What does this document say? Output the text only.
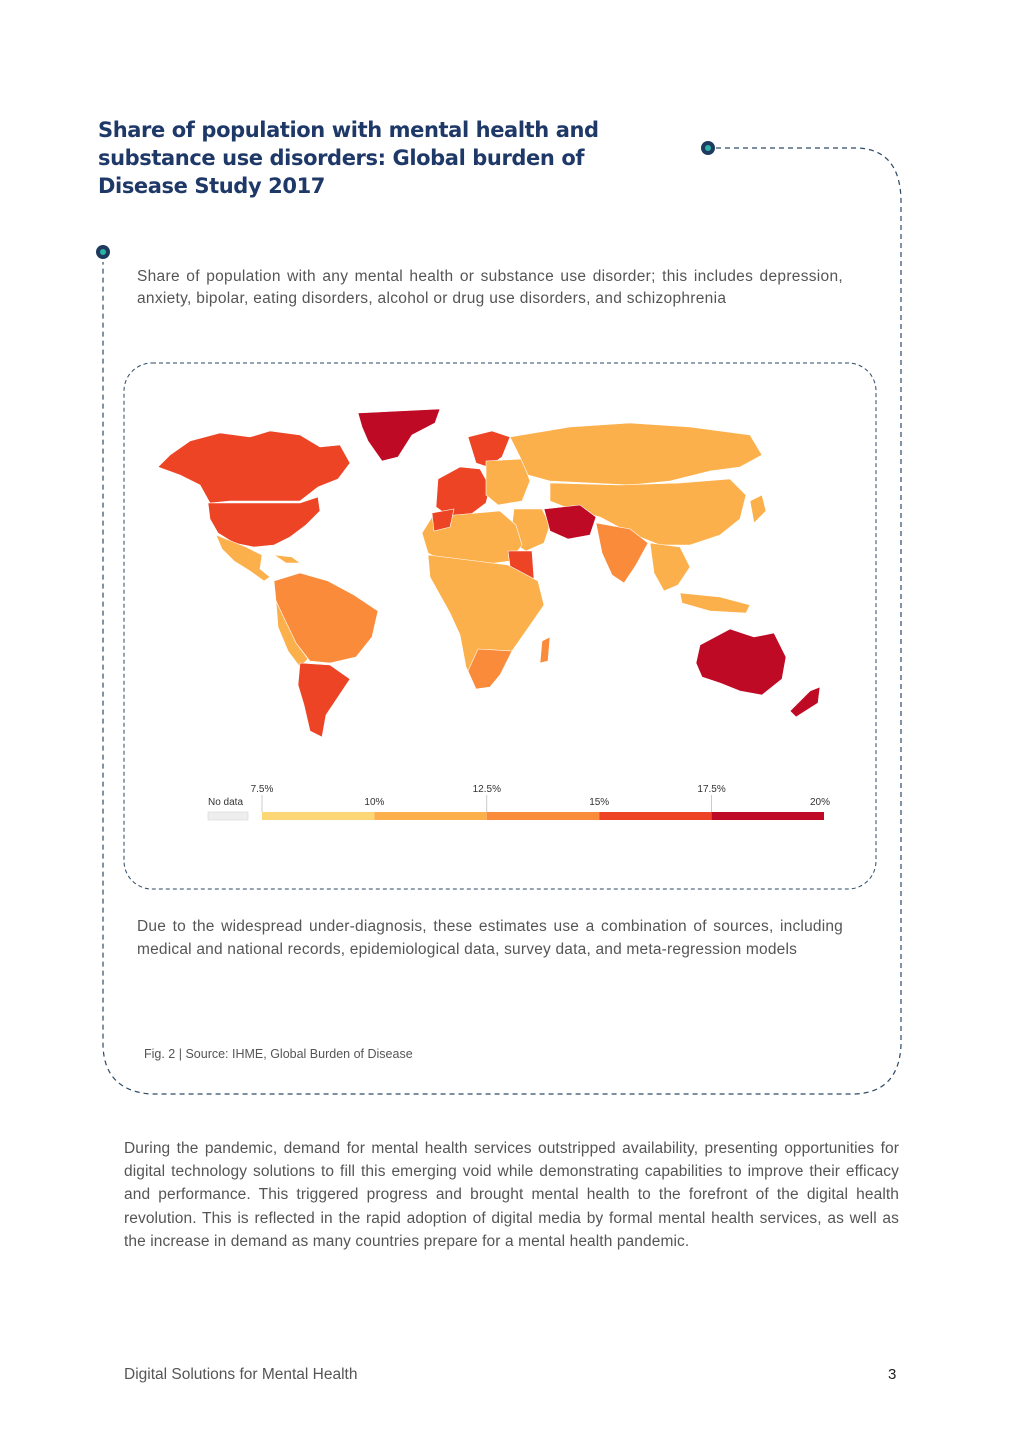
Share of population with mental health and
substance use disorders: Global burden of
Disease Study 2017
Share of population with any mental health or substance use disorder; this includes depression, anxiety, bipolar, eating disorders, alcohol or drug use disorders, and schizophrenia
No data
7.5%	12.5%	17.5%
10%	15%	20%
Due to the widespread under-diagnosis, these estimates use a combination of sources, including medical and national records, epidemiological data, survey data, and meta-regression models
Fig. 2 | Source: IHME, Global Burden of Disease
During the pandemic, demand for mental health services outstripped availability, presenting opportunities for digital technology solutions to fill this emerging void while demonstrating capabilities to improve their efficacy and performance. This triggered progress and brought mental health to the forefront of the digital health revolution. This is reflected in the rapid adoption of digital media by formal mental health services, as well as the increase in demand as many countries prepare for a mental health pandemic.
Digital Solutions for Mental Health	3
